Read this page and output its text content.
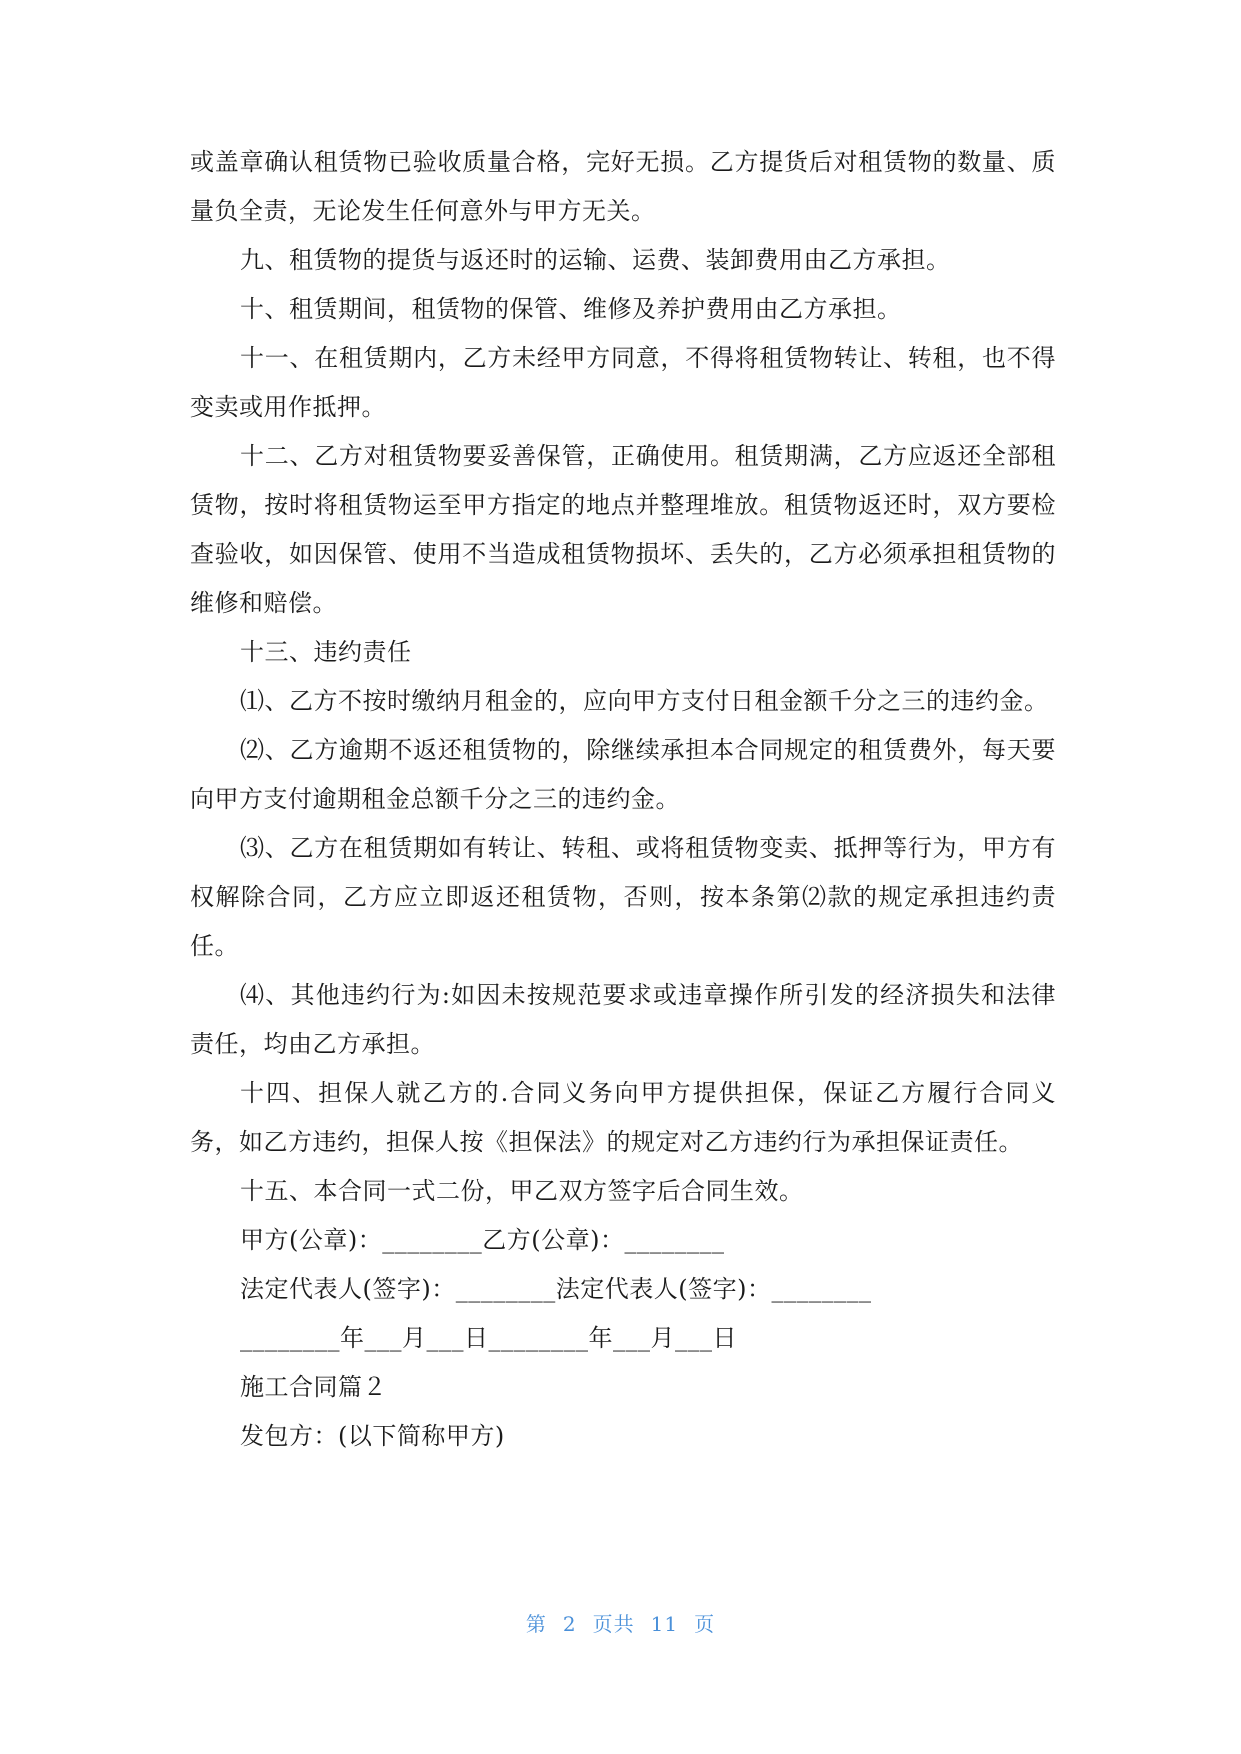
或盖章确认租赁物已验收质量合格，完好无损。乙方提货后对租赁物的数量、质量负全责，无论发生任何意外与甲方无关。

九、租赁物的提货与返还时的运输、运费、装卸费用由乙方承担。

十、租赁期间，租赁物的保管、维修及养护费用由乙方承担。

十一、在租赁期内，乙方未经甲方同意，不得将租赁物转让、转租，也不得变卖或用作抵押。

十二、乙方对租赁物要妥善保管，正确使用。租赁期满，乙方应返还全部租赁物，按时将租赁物运至甲方指定的地点并整理堆放。租赁物返还时，双方要检查验收，如因保管、使用不当造成租赁物损坏、丢失的，乙方必须承担租赁物的维修和赔偿。

十三、违约责任

⑴、乙方不按时缴纳月租金的，应向甲方支付日租金额千分之三的违约金。

⑵、乙方逾期不返还租赁物的，除继续承担本合同规定的租赁费外，每天要向甲方支付逾期租金总额千分之三的违约金。

⑶、乙方在租赁期如有转让、转租、或将租赁物变卖、抵押等行为，甲方有权解除合同，乙方应立即返还租赁物，否则，按本条第⑵款的规定承担违约责任。

⑷、其他违约行为:如因未按规范要求或违章操作所引发的经济损失和法律责任，均由乙方承担。

十四、担保人就乙方的.合同义务向甲方提供担保，保证乙方履行合同义务，如乙方违约，担保人按《担保法》的规定对乙方违约行为承担保证责任。

十五、本合同一式二份，甲乙双方签字后合同生效。

甲方(公章)：________乙方(公章)：________

法定代表人(签字)：________法定代表人(签字)：________

________年___月___日________年___月___日

施工合同篇２

发包方：(以下简称甲方)

第 2 页共 11 页
